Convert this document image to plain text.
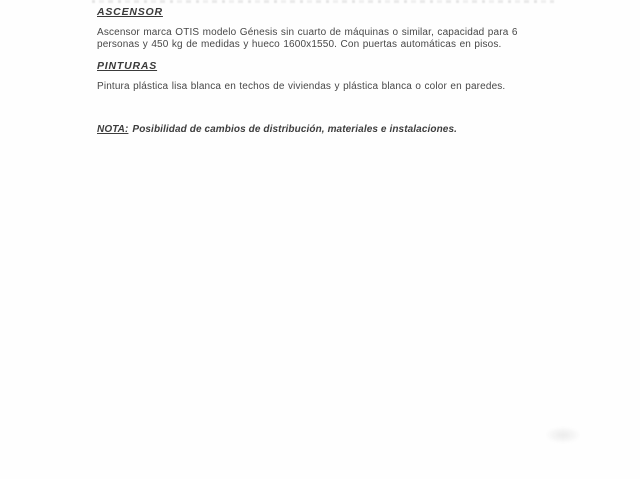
ASCENSOR

Ascensor marca OTIS modelo Génesis sin cuarto de máquinas o similar, capacidad para 6 personas y 450 kg de medidas y hueco 1600x1550. Con puertas automáticas en pisos.

PINTURAS

Pintura plástica lisa blanca en techos de viviendas y plástica blanca o color en paredes.

NOTA: Posibilidad de cambios de distribución, materiales e instalaciones.
